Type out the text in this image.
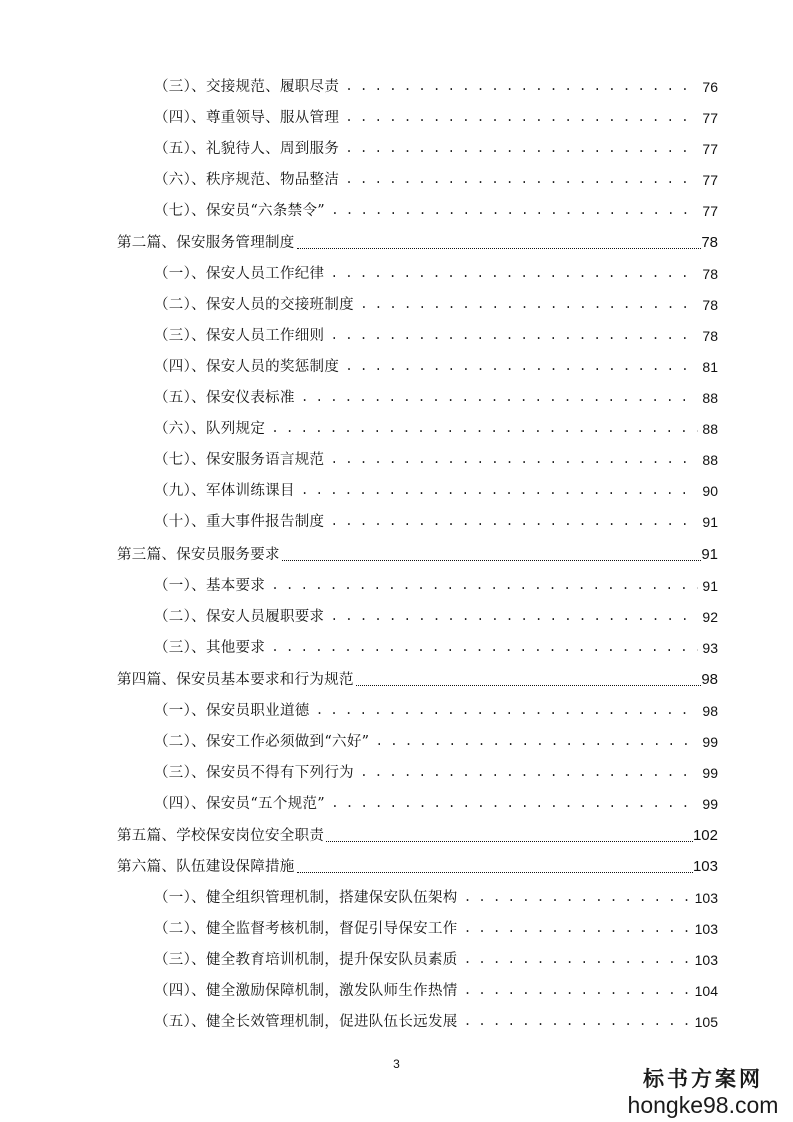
（三）、交接规范、履职尽责 . . .	76
（四）、尊重领导、服从管理 . . .	77
（五）、礼貌待人、周到服务 . . .	77
（六）、秩序规范、物品整洁 . . .	77
（七）、保安员“六条禁令” . . .	77
第二篇、保安服务管理制度	78
（一）、保安人员工作纪律 . . .	78
（二）、保安人员的交接班制度 . . .	78
（三）、保安人员工作细则 . . .	78
（四）、保安人员的奖惩制度 . . .	81
（五）、保安仪表标准 . . .	88
（六）、队列规定 . . .	88
（七）、保安服务语言规范 . . .	88
（九）、军体训练课目 . . .	90
（十）、重大事件报告制度 . . .	91
第三篇、保安员服务要求	91
（一）、基本要求 . . .	91
（二）、保安人员履职要求 . . .	92
（三）、其他要求 . . .	93
第四篇、保安员基本要求和行为规范	98
（一）、保安员职业道德 . . .	98
（二）、保安工作必须做到“六好” . . .	99
（三）、保安员不得有下列行为 . . .	99
（四）、保安员“五个规范” . . .	99
第五篇、学校保安岗位安全职责	102
第六篇、队伍建设保障措施	103
（一）、健全组织管理机制，搭建保安队伍架构 . . .	103
（二）、健全监督考核机制，督促引导保安工作 . . .	103
（三）、健全教育培训机制，提升保安队员素质 . . .	103
（四）、健全激励保障机制，激发队师生作热情 . . .	104
（五）、健全长效管理机制，促进队伍长远发展 . . .	105
3
标书方案网
hongke98.com
